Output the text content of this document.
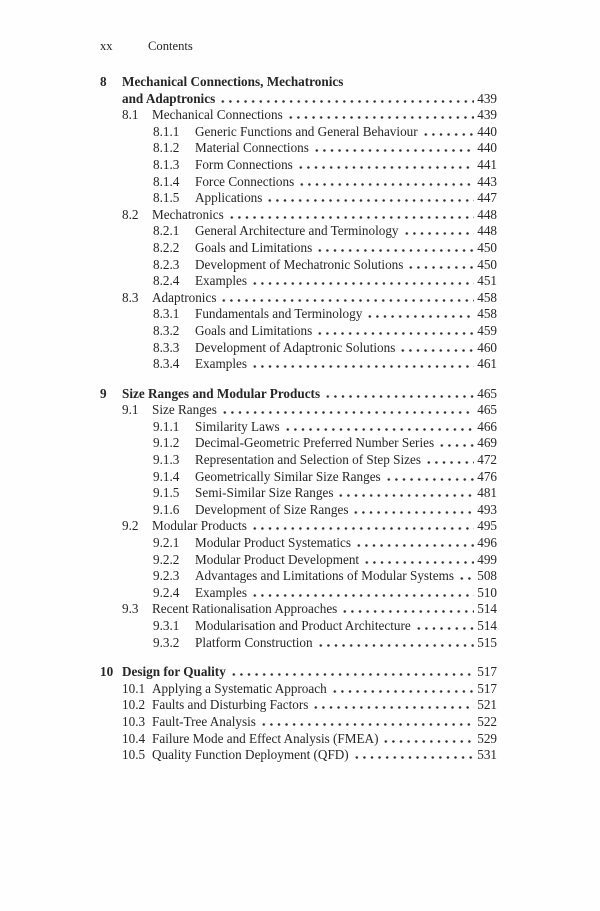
xx	Contents
8	Mechanical Connections, Mechatronics
and Adaptronics	439
8.1	Mechanical Connections	439
8.1.1	Generic Functions and General Behaviour	440
8.1.2	Material Connections	440
8.1.3	Form Connections	441
8.1.4	Force Connections	443
8.1.5	Applications	447
8.2	Mechatronics	448
8.2.1	General Architecture and Terminology	448
8.2.2	Goals and Limitations	450
8.2.3	Development of Mechatronic Solutions	450
8.2.4	Examples	451
8.3	Adaptronics	458
8.3.1	Fundamentals and Terminology	458
8.3.2	Goals and Limitations	459
8.3.3	Development of Adaptronic Solutions	460
8.3.4	Examples	461
9	Size Ranges and Modular Products	465
9.1	Size Ranges	465
9.1.1	Similarity Laws	466
9.1.2	Decimal-Geometric Preferred Number Series	469
9.1.3	Representation and Selection of Step Sizes	472
9.1.4	Geometrically Similar Size Ranges	476
9.1.5	Semi-Similar Size Ranges	481
9.1.6	Development of Size Ranges	493
9.2	Modular Products	495
9.2.1	Modular Product Systematics	496
9.2.2	Modular Product Development	499
9.2.3	Advantages and Limitations of Modular Systems 508
9.2.4	Examples	510
9.3	Recent Rationalisation Approaches	514
9.3.1	Modularisation and Product Architecture	514
9.3.2	Platform Construction	515
10 Design for Quality	517
10.1 Applying a Systematic Approach	517
10.2 Faults and Disturbing Factors	521
10.3 Fault-Tree Analysis	522
10.4 Failure Mode and Effect Analysis (FMEA)	529
10.5 Quality Function Deployment (QFD)	531
